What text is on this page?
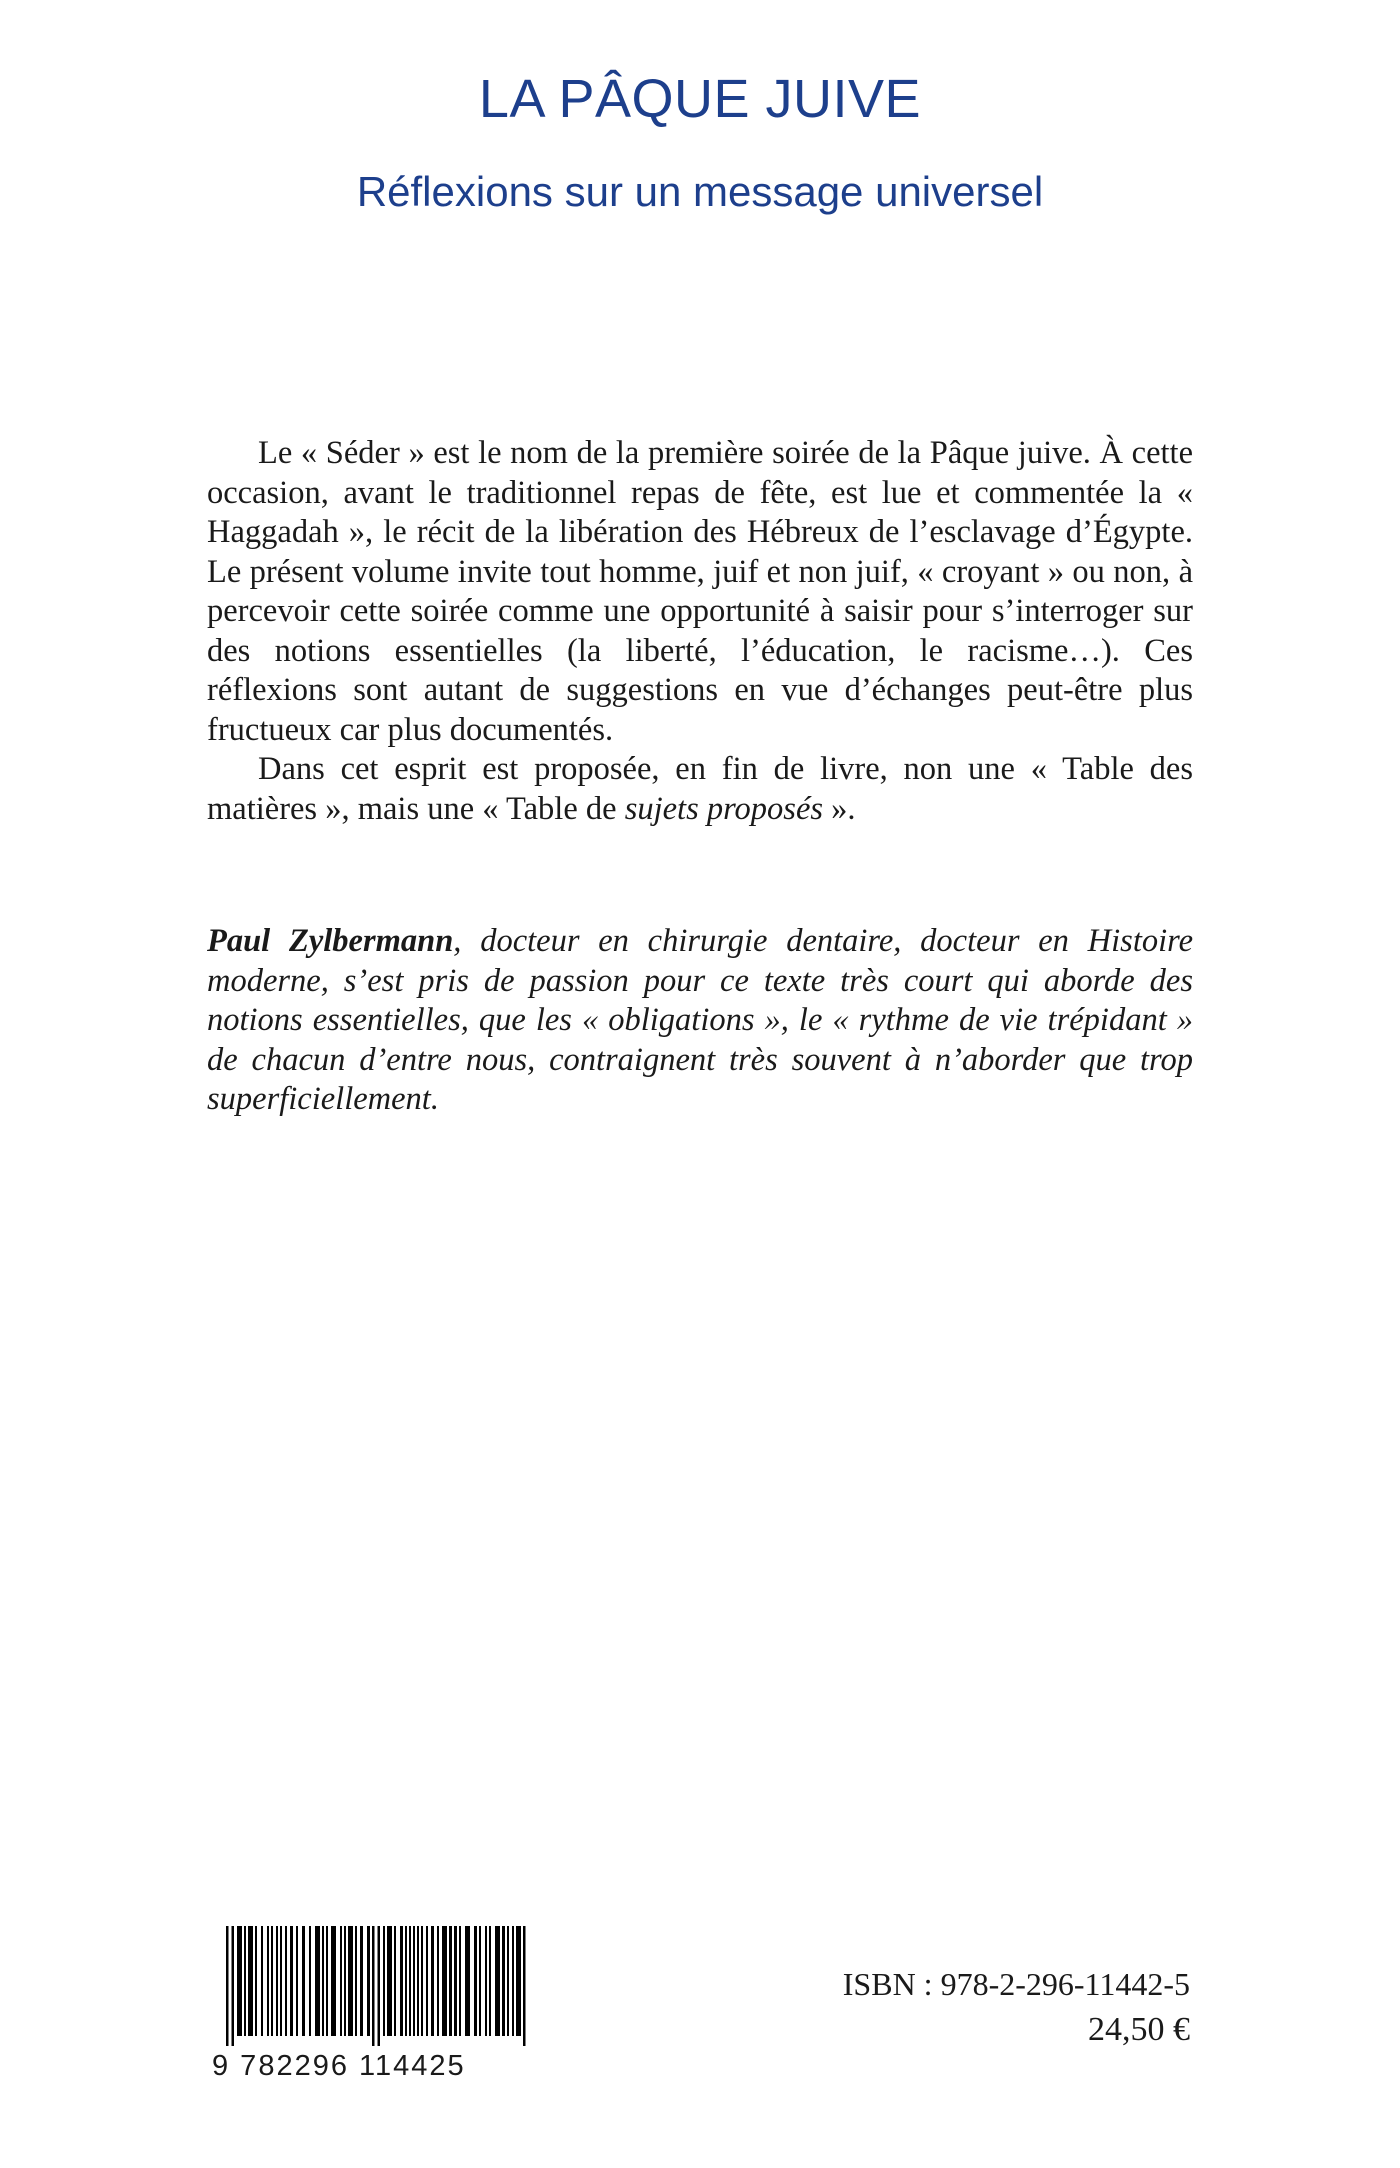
LA PÂQUE JUIVE
Réflexions sur un message universel

Le « Séder » est le nom de la première soirée de la Pâque juive. À cette occasion, avant le traditionnel repas de fête, est lue et commentée la « Haggadah », le récit de la libération des Hébreux de l’esclavage d’Égypte. Le présent volume invite tout homme, juif et non juif, « croyant » ou non, à percevoir cette soirée comme une opportunité à saisir pour s’interroger sur des notions essentielles (la liberté, l’éducation, le racisme…). Ces réflexions sont autant de suggestions en vue d’échanges peut-être plus fructueux car plus documentés.

Dans cet esprit est proposée, en fin de livre, non une « Table des matières », mais une « Table de sujets proposés ».

Paul Zylbermann, docteur en chirurgie dentaire, docteur en Histoire moderne, s’est pris de passion pour ce texte très court qui aborde des notions essentielles, que les « obligations », le « rythme de vie trépidant » de chacun d’entre nous, contraignent très souvent à n’aborder que trop superficiellement.

9 782296 114425
ISBN : 978-2-296-11442-5
24,50 €
